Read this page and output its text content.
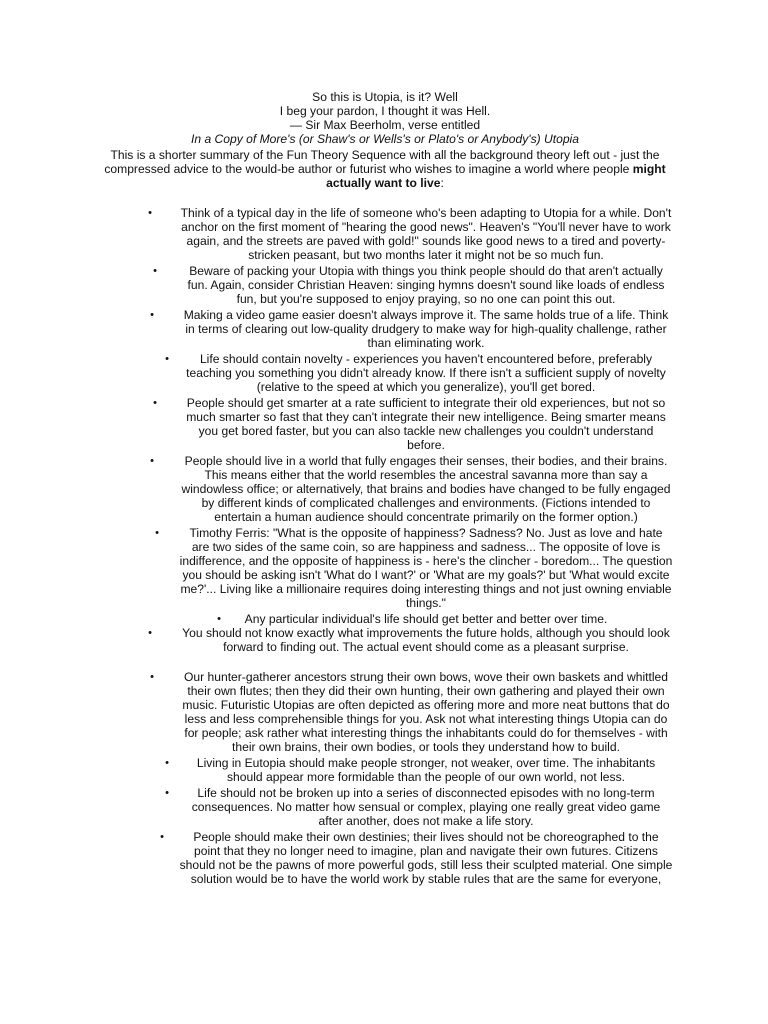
So this is Utopia, is it? Well
I beg your pardon, I thought it was Hell.
— Sir Max Beerholm, verse entitled
In a Copy of More's (or Shaw's or Wells's or Plato's or Anybody's) Utopia
This is a shorter summary of the Fun Theory Sequence with all the background theory left out - just the
compressed advice to the would-be author or futurist who wishes to imagine a world where people might
actually want to live:
•	Think of a typical day in the life of someone who's been adapting to Utopia for a while. Don't
anchor on the first moment of "hearing the good news". Heaven's "You'll never have to work
again, and the streets are paved with gold!" sounds like good news to a tired and poverty-
stricken peasant, but two months later it might not be so much fun.
•	Beware of packing your Utopia with things you think people should do that aren't actually
fun. Again, consider Christian Heaven: singing hymns doesn't sound like loads of endless
fun, but you're supposed to enjoy praying, so no one can point this out.
•	Making a video game easier doesn't always improve it. The same holds true of a life. Think
in terms of clearing out low-quality drudgery to make way for high-quality challenge, rather
than eliminating work.
•	Life should contain novelty - experiences you haven't encountered before, preferably
teaching you something you didn't already know. If there isn't a sufficient supply of novelty
(relative to the speed at which you generalize), you'll get bored.
•	People should get smarter at a rate sufficient to integrate their old experiences, but not so
much smarter so fast that they can't integrate their new intelligence. Being smarter means
you get bored faster, but you can also tackle new challenges you couldn't understand
before.
•	People should live in a world that fully engages their senses, their bodies, and their brains.
This means either that the world resembles the ancestral savanna more than say a
windowless office; or alternatively, that brains and bodies have changed to be fully engaged
by different kinds of complicated challenges and environments. (Fictions intended to
entertain a human audience should concentrate primarily on the former option.)
•	Timothy Ferris: "What is the opposite of happiness? Sadness? No. Just as love and hate
are two sides of the same coin, so are happiness and sadness... The opposite of love is
indifference, and the opposite of happiness is - here's the clincher - boredom... The question
you should be asking isn't 'What do I want?' or 'What are my goals?' but 'What would excite
me?'... Living like a millionaire requires doing interesting things and not just owning enviable
things."
•	Any particular individual's life should get better and better over time.
•	You should not know exactly what improvements the future holds, although you should look
forward to finding out. The actual event should come as a pleasant surprise.
•	Our hunter-gatherer ancestors strung their own bows, wove their own baskets and whittled
their own flutes; then they did their own hunting, their own gathering and played their own
music. Futuristic Utopias are often depicted as offering more and more neat buttons that do
less and less comprehensible things for you. Ask not what interesting things Utopia can do
for people; ask rather what interesting things the inhabitants could do for themselves - with
their own brains, their own bodies, or tools they understand how to build.
•	Living in Eutopia should make people stronger, not weaker, over time. The inhabitants
should appear more formidable than the people of our own world, not less.
•	Life should not be broken up into a series of disconnected episodes with no long-term
consequences. No matter how sensual or complex, playing one really great video game
after another, does not make a life story.
•	People should make their own destinies; their lives should not be choreographed to the
point that they no longer need to imagine, plan and navigate their own futures. Citizens
should not be the pawns of more powerful gods, still less their sculpted material. One simple
solution would be to have the world work by stable rules that are the same for everyone,
